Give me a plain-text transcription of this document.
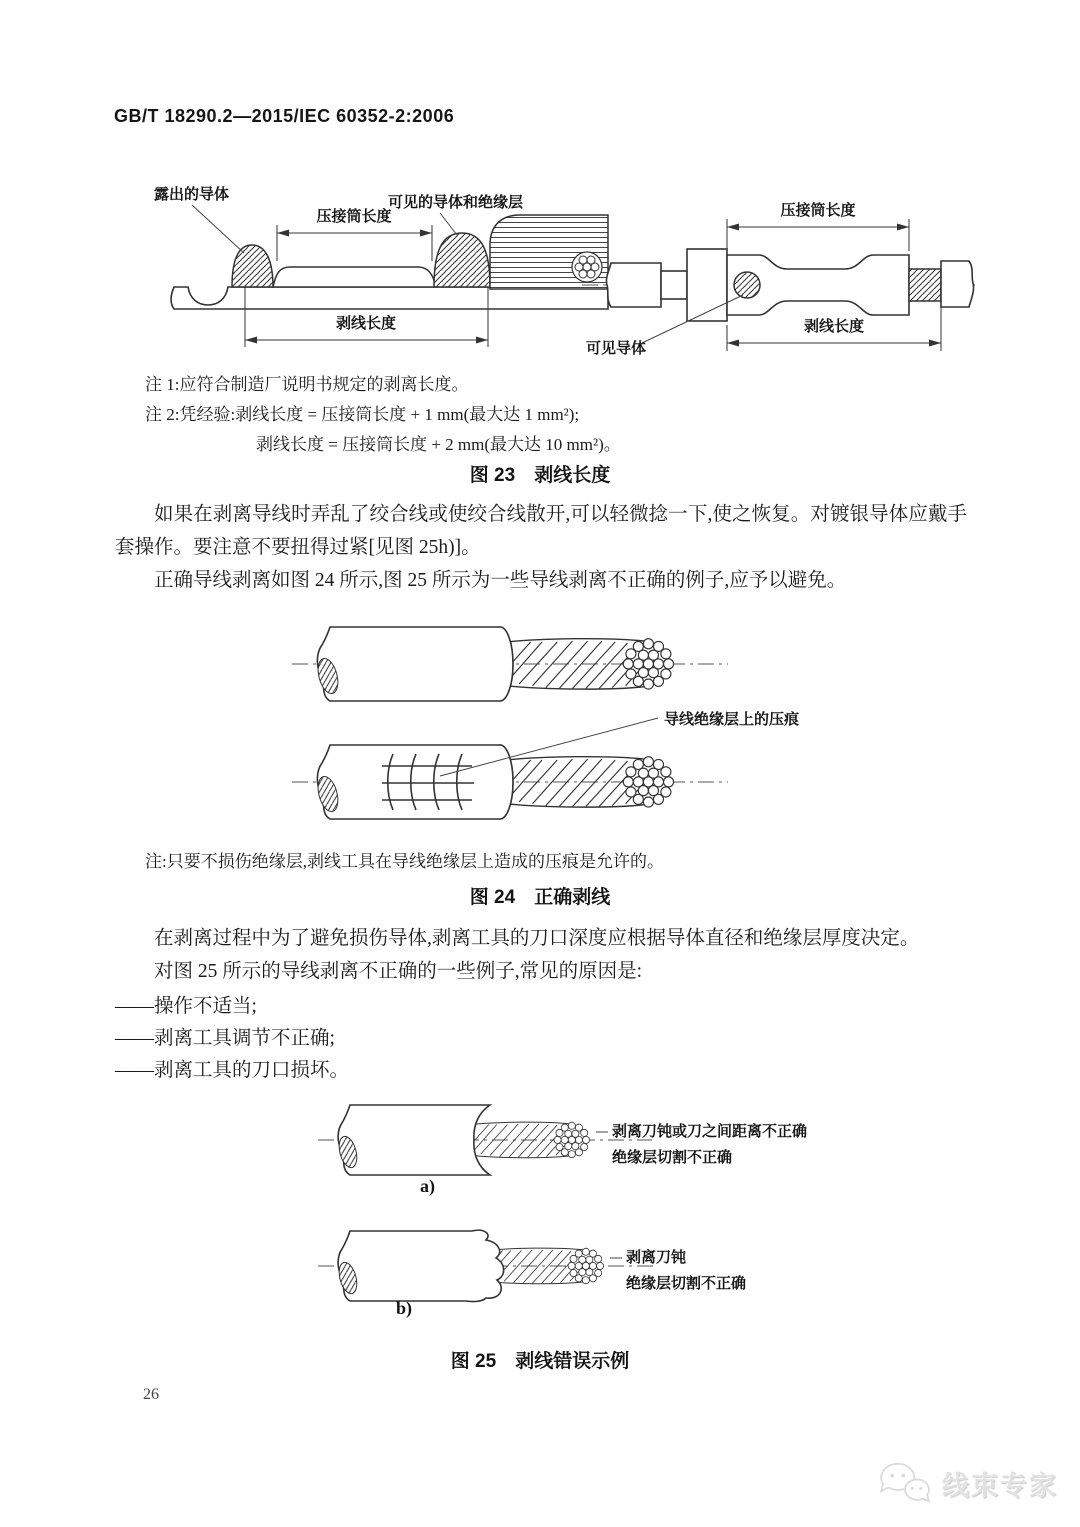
GB/T 18290.2—2015/IEC 60352-2:2006
压接筒长度
剥线长度
露出的导体	可见的导体和绝缘层	压接筒长度
剥线长度
可见导体
注 1:应符合制造厂说明书规定的剥离长度。
注 2:凭经验:剥线长度 = 压接筒长度 + 1 mm(最大达 1 mm²);
剥线长度 = 压接筒长度 + 2 mm(最大达 10 mm²)。
图 23　剥线长度
如果在剥离导线时弄乱了绞合线或使绞合线散开,可以轻微捻一下,使之恢复。对镀银导体应戴手套操作。要注意不要扭得过紧[见图 25h)]。
正确导线剥离如图 24 所示,图 25 所示为一些导线剥离不正确的例子,应予以避免。
导线绝缘层上的压痕
注:只要不损伤绝缘层,剥线工具在导线绝缘层上造成的压痕是允许的。
图 24　正确剥线
在剥离过程中为了避免损伤导体,剥离工具的刀口深度应根据导体直径和绝缘层厚度决定。
对图 25 所示的导线剥离不正确的一些例子,常见的原因是:
——操作不适当;
——剥离工具调节不正确;
——剥离工具的刀口损坏。
剥离刀钝或刀之间距离不正确
绝缘层切割不正确
a)
剥离刀钝
绝缘层切割不正确
b)
图 25　剥线错误示例
26
线束专家
